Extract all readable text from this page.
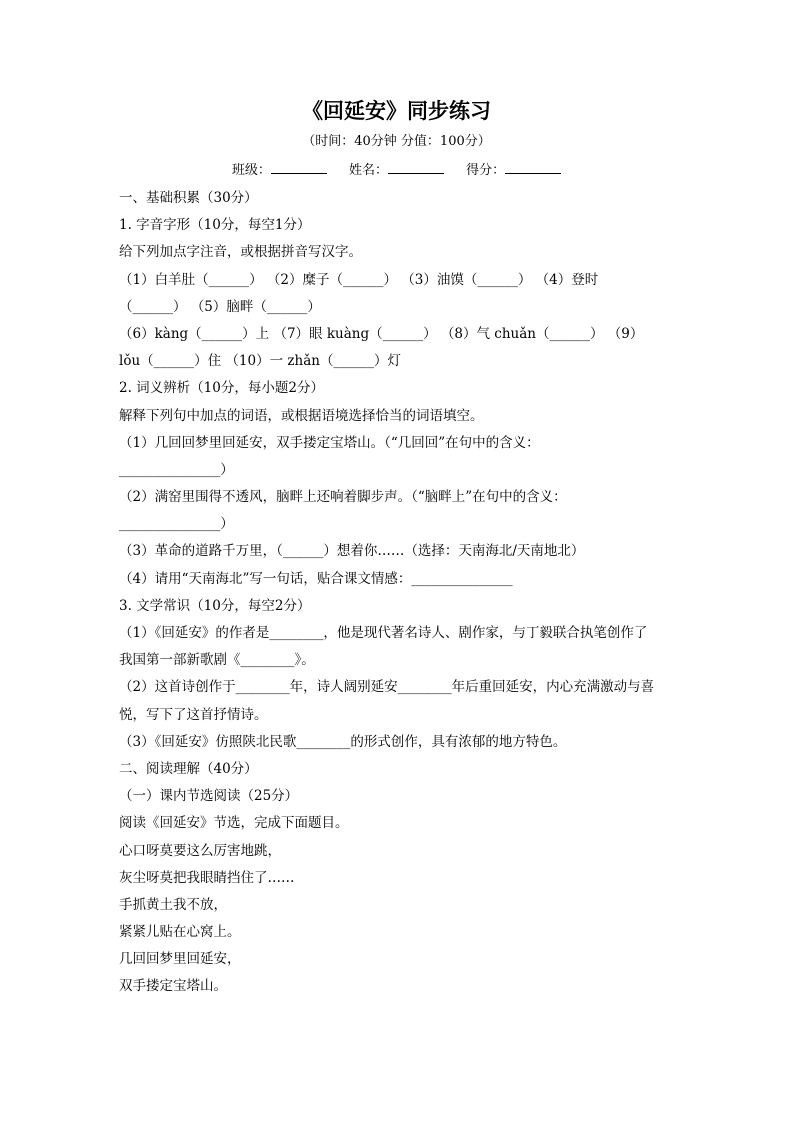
《回延安》同步练习
（时间：40分钟 分值：100分）
班级：	姓名：	得分：
一、基础积累（30分）
1. 字音字形（10分，每空1分）
给下列加点字注音，或根据拼音写汉字。
（1）白羊肚（______） （2）糜子（______） （3）油馍（______） （4）登时
（______） （5）脑畔（______）
（6）kàng（______）上 （7）眼 kuàng（______） （8）气 chuǎn（______） （9）
lǒu（______）住 （10）一 zhǎn（______）灯
2. 词义辨析（10分，每小题2分）
解释下列句中加点的词语，或根据语境选择恰当的词语填空。
（1）几回回梦里回延安，双手搂定宝塔山。（“几回回”在句中的含义：
_______________）
（2）满窑里围得不透风，脑畔上还响着脚步声。（“脑畔上”在句中的含义：
_______________）
（3）革命的道路千万里，（______）想着你……（选择：天南海北/天南地北）
（4）请用“天南海北”写一句话，贴合课文情感：_______________
3. 文学常识（10分，每空2分）
（1）《回延安》的作者是________，他是现代著名诗人、剧作家，与丁毅联合执笔创作了
我国第一部新歌剧《________》。
（2）这首诗创作于________年，诗人阔别延安________年后重回延安，内心充满激动与喜
悦，写下了这首抒情诗。
（3）《回延安》仿照陕北民歌________的形式创作，具有浓郁的地方特色。
二、阅读理解（40分）
（一）课内节选阅读（25分）
阅读《回延安》节选，完成下面题目。
心口呀莫要这么厉害地跳，
灰尘呀莫把我眼睛挡住了……
手抓黄土我不放，
紧紧儿贴在心窝上。
几回回梦里回延安，
双手搂定宝塔山。
